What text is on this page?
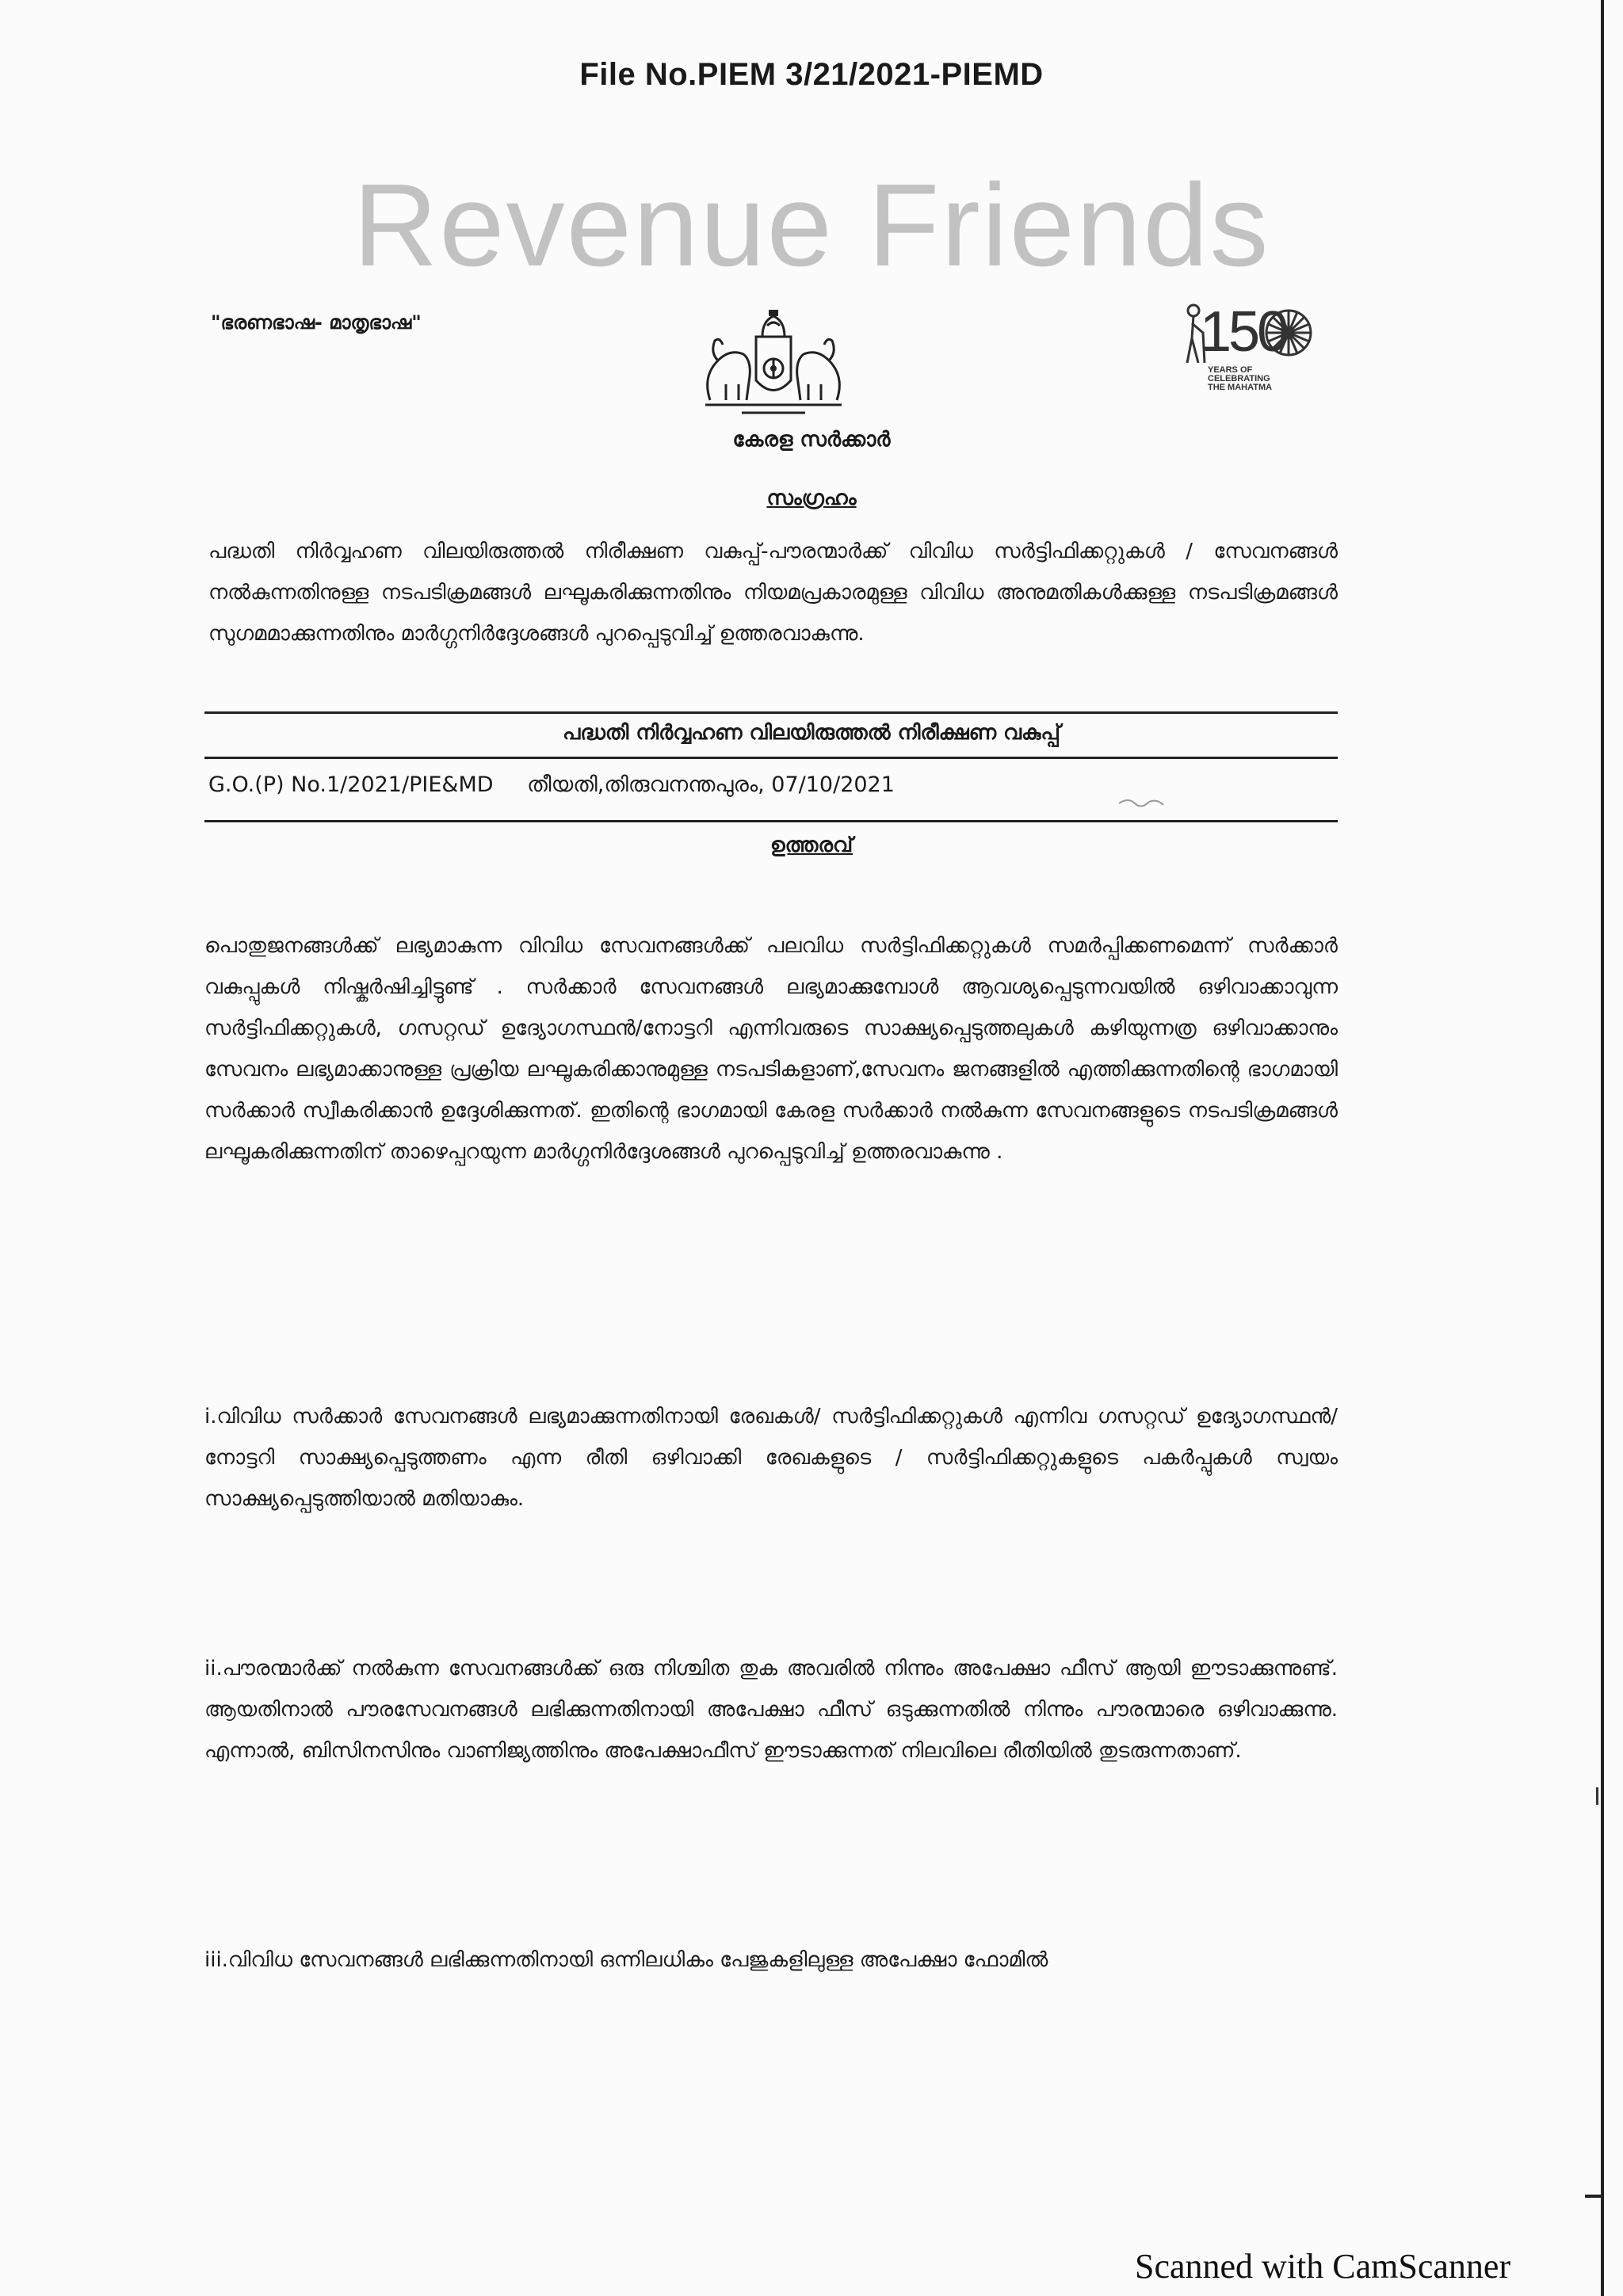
File No.PIEM 3/21/2021-PIEMD
Revenue Friends
"ഭരണഭാഷ- മാതൃഭാഷ"	150
YEARS OF
CELEBRATING
THE MAHATMA
കേരള സർക്കാർ
സംഗ്രഹം
പദ്ധതി നിർവ്വഹണ വിലയിരുത്തൽ നിരീക്ഷണ വകുപ്പ്-പൗരന്മാർക്ക് വിവിധ സർട്ടിഫിക്കറ്റുകൾ / സേവനങ്ങൾ നൽകുന്നതിനുള്ള നടപടിക്രമങ്ങൾ ലഘൂകരിക്കുന്നതിനും നിയമപ്രകാരമുള്ള വിവിധ അനുമതികൾക്കുള്ള നടപടിക്രമങ്ങൾ സുഗമമാക്കുന്നതിനും മാർഗ്ഗനിർദ്ദേശങ്ങൾ പുറപ്പെടുവിച്ച് ഉത്തരവാകുന്നു.
പദ്ധതി നിർവ്വഹണ വിലയിരുത്തൽ നിരീക്ഷണ വകുപ്പ്
G.O.(P) No.1/2021/PIE&MD തീയതി,തിരുവനന്തപുരം, 07/10/2021
ഉത്തരവ്
പൊതുജനങ്ങൾക്ക് ലഭ്യമാകുന്ന വിവിധ സേവനങ്ങൾക്ക് പലവിധ സർട്ടിഫിക്കറ്റുകൾ സമർപ്പിക്കണമെന്ന് സർക്കാർ വകുപ്പുകൾ നിഷ്കർഷിച്ചിട്ടുണ്ട് . സർക്കാർ സേവനങ്ങൾ ലഭ്യമാക്കുമ്പോൾ ആവശ്യപ്പെടുന്നവയിൽ ഒഴിവാക്കാവുന്ന സർട്ടിഫിക്കറ്റുകൾ, ഗസറ്റഡ് ഉദ്യോഗസ്ഥൻ/നോട്ടറി എന്നിവരുടെ സാക്ഷ്യപ്പെടുത്തലുകൾ കഴിയുന്നത്ര ഒഴിവാക്കാനും സേവനം ലഭ്യമാക്കാനുള്ള പ്രക്രിയ ലഘൂകരിക്കാനുമുള്ള നടപടികളാണ്,സേവനം ജനങ്ങളിൽ എത്തിക്കുന്നതിന്റെ ഭാഗമായി സർക്കാർ സ്വീകരിക്കാൻ ഉദ്ദേശിക്കുന്നത്. ഇതിന്റെ ഭാഗമായി കേരള സർക്കാർ നൽകുന്ന സേവനങ്ങളുടെ നടപടിക്രമങ്ങൾ ലഘൂകരിക്കുന്നതിന് താഴെപ്പറയുന്ന മാർഗ്ഗനിർദ്ദേശങ്ങൾ പുറപ്പെടുവിച്ച് ഉത്തരവാകുന്നു .
i.വിവിധ സർക്കാർ സേവനങ്ങൾ ലഭ്യമാക്കുന്നതിനായി രേഖകൾ/ സർട്ടിഫിക്കറ്റുകൾ എന്നിവ ഗസറ്റഡ് ഉദ്യോഗസ്ഥൻ/ നോട്ടറി സാക്ഷ്യപ്പെടുത്തണം എന്ന രീതി ഒഴിവാക്കി രേഖകളുടെ / സർട്ടിഫിക്കറ്റുകളുടെ പകർപ്പുകൾ സ്വയം സാക്ഷ്യപ്പെടുത്തിയാൽ മതിയാകും.
ii.പൗരന്മാർക്ക് നൽകുന്ന സേവനങ്ങൾക്ക് ഒരു നിശ്ചിത തുക അവരിൽ നിന്നും അപേക്ഷാ ഫീസ് ആയി ഈടാക്കുന്നുണ്ട്. ആയതിനാൽ പൗരസേവനങ്ങൾ ലഭിക്കുന്നതിനായി അപേക്ഷാ ഫീസ് ഒടുക്കുന്നതിൽ നിന്നും പൗരന്മാരെ ഒഴിവാക്കുന്നു. എന്നാൽ, ബിസിനസിനും വാണിജ്യത്തിനും അപേക്ഷാഫീസ് ഈടാക്കുന്നത് നിലവിലെ രീതിയിൽ തുടരുന്നതാണ്.
iii.വിവിധ സേവനങ്ങൾ ലഭിക്കുന്നതിനായി ഒന്നിലധികം പേജുകളിലുള്ള അപേക്ഷാ ഫോമിൽ
Scanned with CamScanner
